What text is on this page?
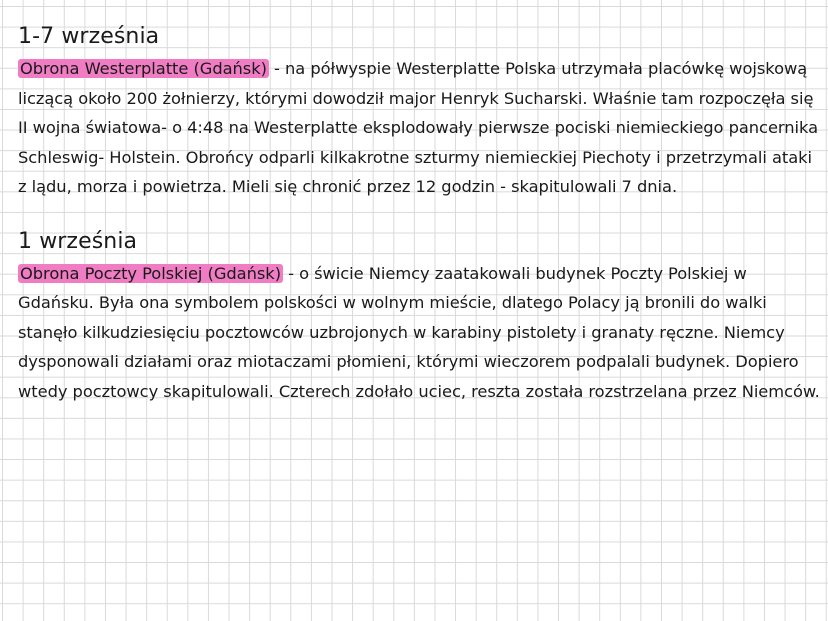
1-7 września

Obrona Westerplatte (Gdańsk) - na półwyspie Westerplatte Polska utrzymała placówkę wojskową liczącą około 200 żołnierzy, którymi dowodził major Henryk Sucharski. Właśnie tam rozpoczęła się II wojna światowa- o 4:48 na Westerplatte eksplodowały pierwsze pociski niemieckiego pancernika Schleswig- Holstein. Obrońcy odparli kilkakrotne szturmy niemieckiej Piechoty i przetrzymali ataki z lądu, morza i powietrza. Mieli się chronić przez 12 godzin - skapitulowali 7 dnia.

1 września

Obrona Poczty Polskiej (Gdańsk) - o świcie Niemcy zaatakowali budynek Poczty Polskiej w Gdańsku. Była ona symbolem polskości w wolnym mieście, dlatego Polacy ją bronili do walki stanęło kilkudziesięciu pocztowców uzbrojonych w karabiny pistolety i granaty ręczne. Niemcy dysponowali działami oraz miotaczami płomieni, którymi wieczorem podpalali budynek. Dopiero wtedy pocztowcy skapitulowali. Czterech zdołało uciec, reszta została rozstrzelana przez Niemców.
